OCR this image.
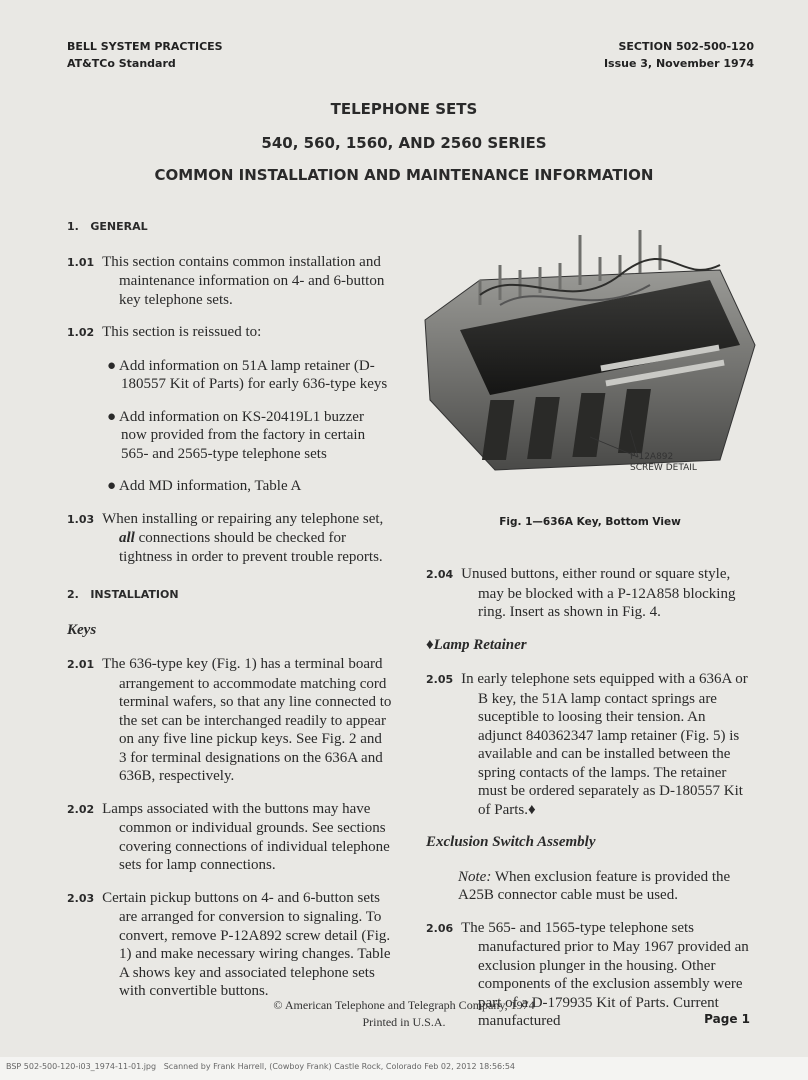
BELL SYSTEM PRACTICES
AT&TCo Standard
SECTION 502-500-120
Issue 3, November 1974
TELEPHONE SETS
540, 560, 1560, AND 2560 SERIES
COMMON INSTALLATION AND MAINTENANCE INFORMATION
1. GENERAL

1.01 This section contains common installation and maintenance information on 4- and 6-button key telephone sets.

1.02 This section is reissued to:

● Add information on 51A lamp retainer (D-180557 Kit of Parts) for early 636-type keys

● Add information on KS-20419L1 buzzer now provided from the factory in certain 565- and 2565-type telephone sets

● Add MD information, Table A

1.03 When installing or repairing any telephone set, all connections should be checked for tightness in order to prevent trouble reports.

2. INSTALLATION
Keys

2.01 The 636-type key (Fig. 1) has a terminal board arrangement to accommodate matching cord terminal wafers, so that any line connected to the set can be interchanged readily to appear on any five line pickup keys. See Fig. 2 and 3 for terminal designations on the 636A and 636B, respectively.

2.02 Lamps associated with the buttons may have common or individual grounds. See sections covering connections of individual telephone sets for lamp connections.

2.03 Certain pickup buttons on 4- and 6-button sets are arranged for conversion to signaling. To convert, remove P-12A892 screw detail (Fig. 1) and make necessary wiring changes. Table A shows key and associated telephone sets with convertible buttons.

P-12A892
SCREW DETAIL
Fig. 1—636A Key, Bottom View

2.04 Unused buttons, either round or square style, may be blocked with a P-12A858 blocking ring. Insert as shown in Fig. 4.

♦Lamp Retainer

2.05 In early telephone sets equipped with a 636A or B key, the 51A lamp contact springs are suceptible to loosing their tension. An adjunct 840362347 lamp retainer (Fig. 5) is available and can be installed between the spring contacts of the lamps. The retainer must be ordered separately as D-180557 Kit of Parts.♦

Exclusion Switch Assembly

Note: When exclusion feature is provided the A25B connector cable must be used.

2.06 The 565- and 1565-type telephone sets manufactured prior to May 1967 provided an exclusion plunger in the housing. Other components of the exclusion assembly were part of a D-179935 Kit of Parts. Current manufactured

© American Telephone and Telegraph Company, 1974
Printed in U.S.A.	Page 1
BSP 502-500-120-i03_1974-11-01.jpg Scanned by Frank Harrell, (Cowboy Frank) Castle Rock, Colorado Feb 02, 2012 18:56:54
